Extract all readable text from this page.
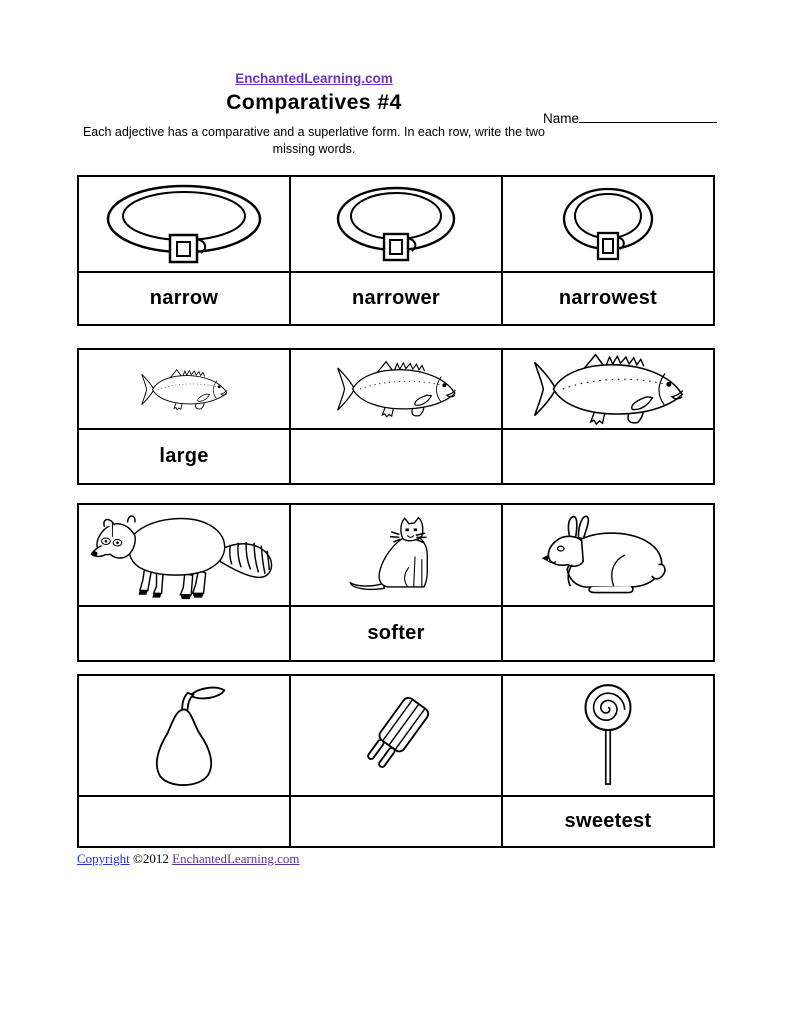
EnchantedLearning.com
Comparatives #4
Name
Each adjective has a comparative and a superlative form. In each row, write the two
missing words.

narrow	narrower	narrowest

large		

	softer	

		sweetest
Copyright ©2012 EnchantedLearning.com
